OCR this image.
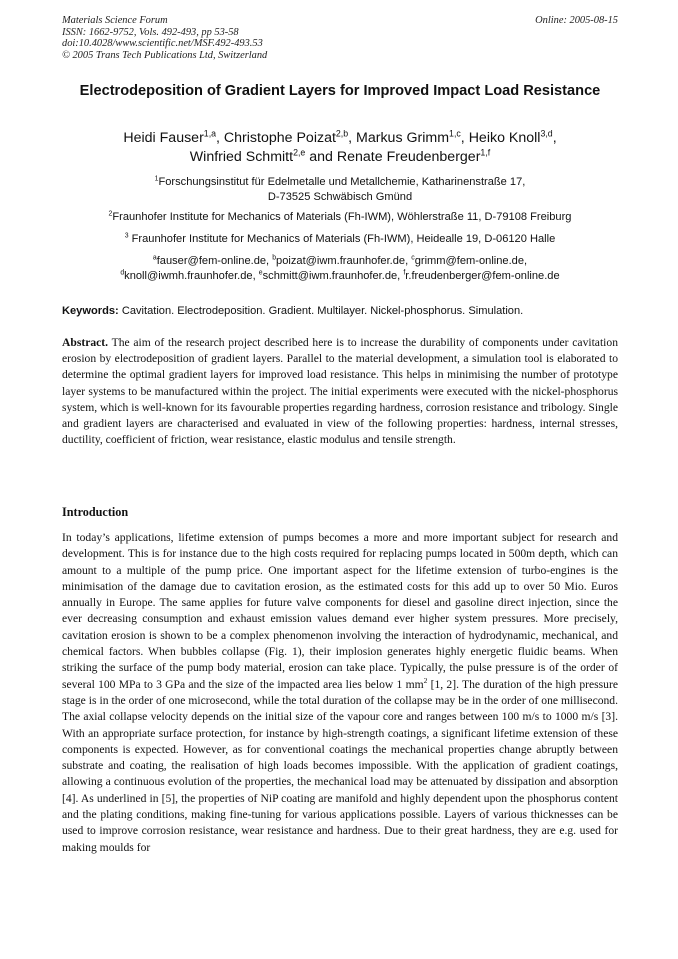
Materials Science Forum
ISSN: 1662-9752, Vols. 492-493, pp 53-58
doi:10.4028/www.scientific.net/MSF.492-493.53
© 2005 Trans Tech Publications Ltd, Switzerland
Online: 2005-08-15
Electrodeposition of Gradient Layers for Improved Impact Load Resistance
Heidi Fauser$^{1,a}$, Christophe Poizat$^{2,b}$, Markus Grimm$^{1,c}$, Heiko Knoll$^{3,d}$,
Winfried Schmitt$^{2,e}$ and Renate Freudenberger$^{1,f}$
$^1$Forschungsinstitut für Edelmetalle und Metallchemie, Katharinenstraße 17,
D-73525 Schwäbisch Gmünd
$^2$Fraunhofer Institute for Mechanics of Materials (Fh-IWM), Wöhlerstraße 11, D-79108 Freiburg
$^3$ Fraunhofer Institute for Mechanics of Materials (Fh-IWM), Heidealle 19, D-06120 Halle
$^a$fauser@fem-online.de, $^b$poizat@iwm.fraunhofer.de, $^c$grimm@fem-online.de,
$^d$knoll@iwmh.fraunhofer.de, $^e$schmitt@iwm.fraunhofer.de, $^f$r.freudenberger@fem-online.de
Keywords: Cavitation. Electrodeposition. Gradient. Multilayer. Nickel-phosphorus. Simulation.
Abstract. The aim of the research project described here is to increase the durability of components under cavitation erosion by electrodeposition of gradient layers. Parallel to the material development, a simulation tool is elaborated to determine the optimal gradient layers for improved load resistance. This helps in minimising the number of prototype layer systems to be manufactured within the project. The initial experiments were executed with the nickel-phosphorus system, which is well-known for its favourable properties regarding hardness, corrosion resistance and tribology. Single and gradient layers are characterised and evaluated in view of the following properties: hardness, internal stresses, ductility, coefficient of friction, wear resistance, elastic modulus and tensile strength.
Introduction
In today’s applications, lifetime extension of pumps becomes a more and more important subject for research and development. This is for instance due to the high costs required for replacing pumps located in 500m depth, which can amount to a multiple of the pump price. One important aspect for the lifetime extension of turbo-engines is the minimisation of the damage due to cavitation erosion, as the estimated costs for this add up to over 50 Mio. Euros annually in Europe. The same applies for future valve components for diesel and gasoline direct injection, since the ever decreasing consumption and exhaust emission values demand ever higher system pressures. More precisely, cavitation erosion is shown to be a complex phenomenon involving the interaction of hydrodynamic, mechanical, and chemical factors. When bubbles collapse (Fig. 1), their implosion generates highly energetic fluidic beams. When striking the surface of the pump body material, erosion can take place. Typically, the pulse pressure is of the order of several 100 MPa to 3 GPa and the size of the impacted area lies below 1 $mm^2$ [1, 2]. The duration of the high pressure stage is in the order of one microsecond, while the total duration of the collapse may be in the order of one millisecond. The axial collapse velocity depends on the initial size of the vapour core and ranges between 100 m/s to 1000 m/s [3]. With an appropriate surface protection, for instance by high-strength coatings, a significant lifetime extension of these components is expected. However, as for conventional coatings the mechanical properties change abruptly between substrate and coating, the realisation of high loads becomes impossible. With the application of gradient coatings, allowing a continuous evolution of the properties, the mechanical load may be attenuated by dissipation and absorption [4]. As underlined in [5], the properties of NiP coating are manifold and highly dependent upon the phosphorus content and the plating conditions, making fine-tuning for various applications possible. Layers of various thicknesses can be used to improve corrosion resistance, wear resistance and hardness. Due to their great hardness, they are e.g. used for making moulds for
